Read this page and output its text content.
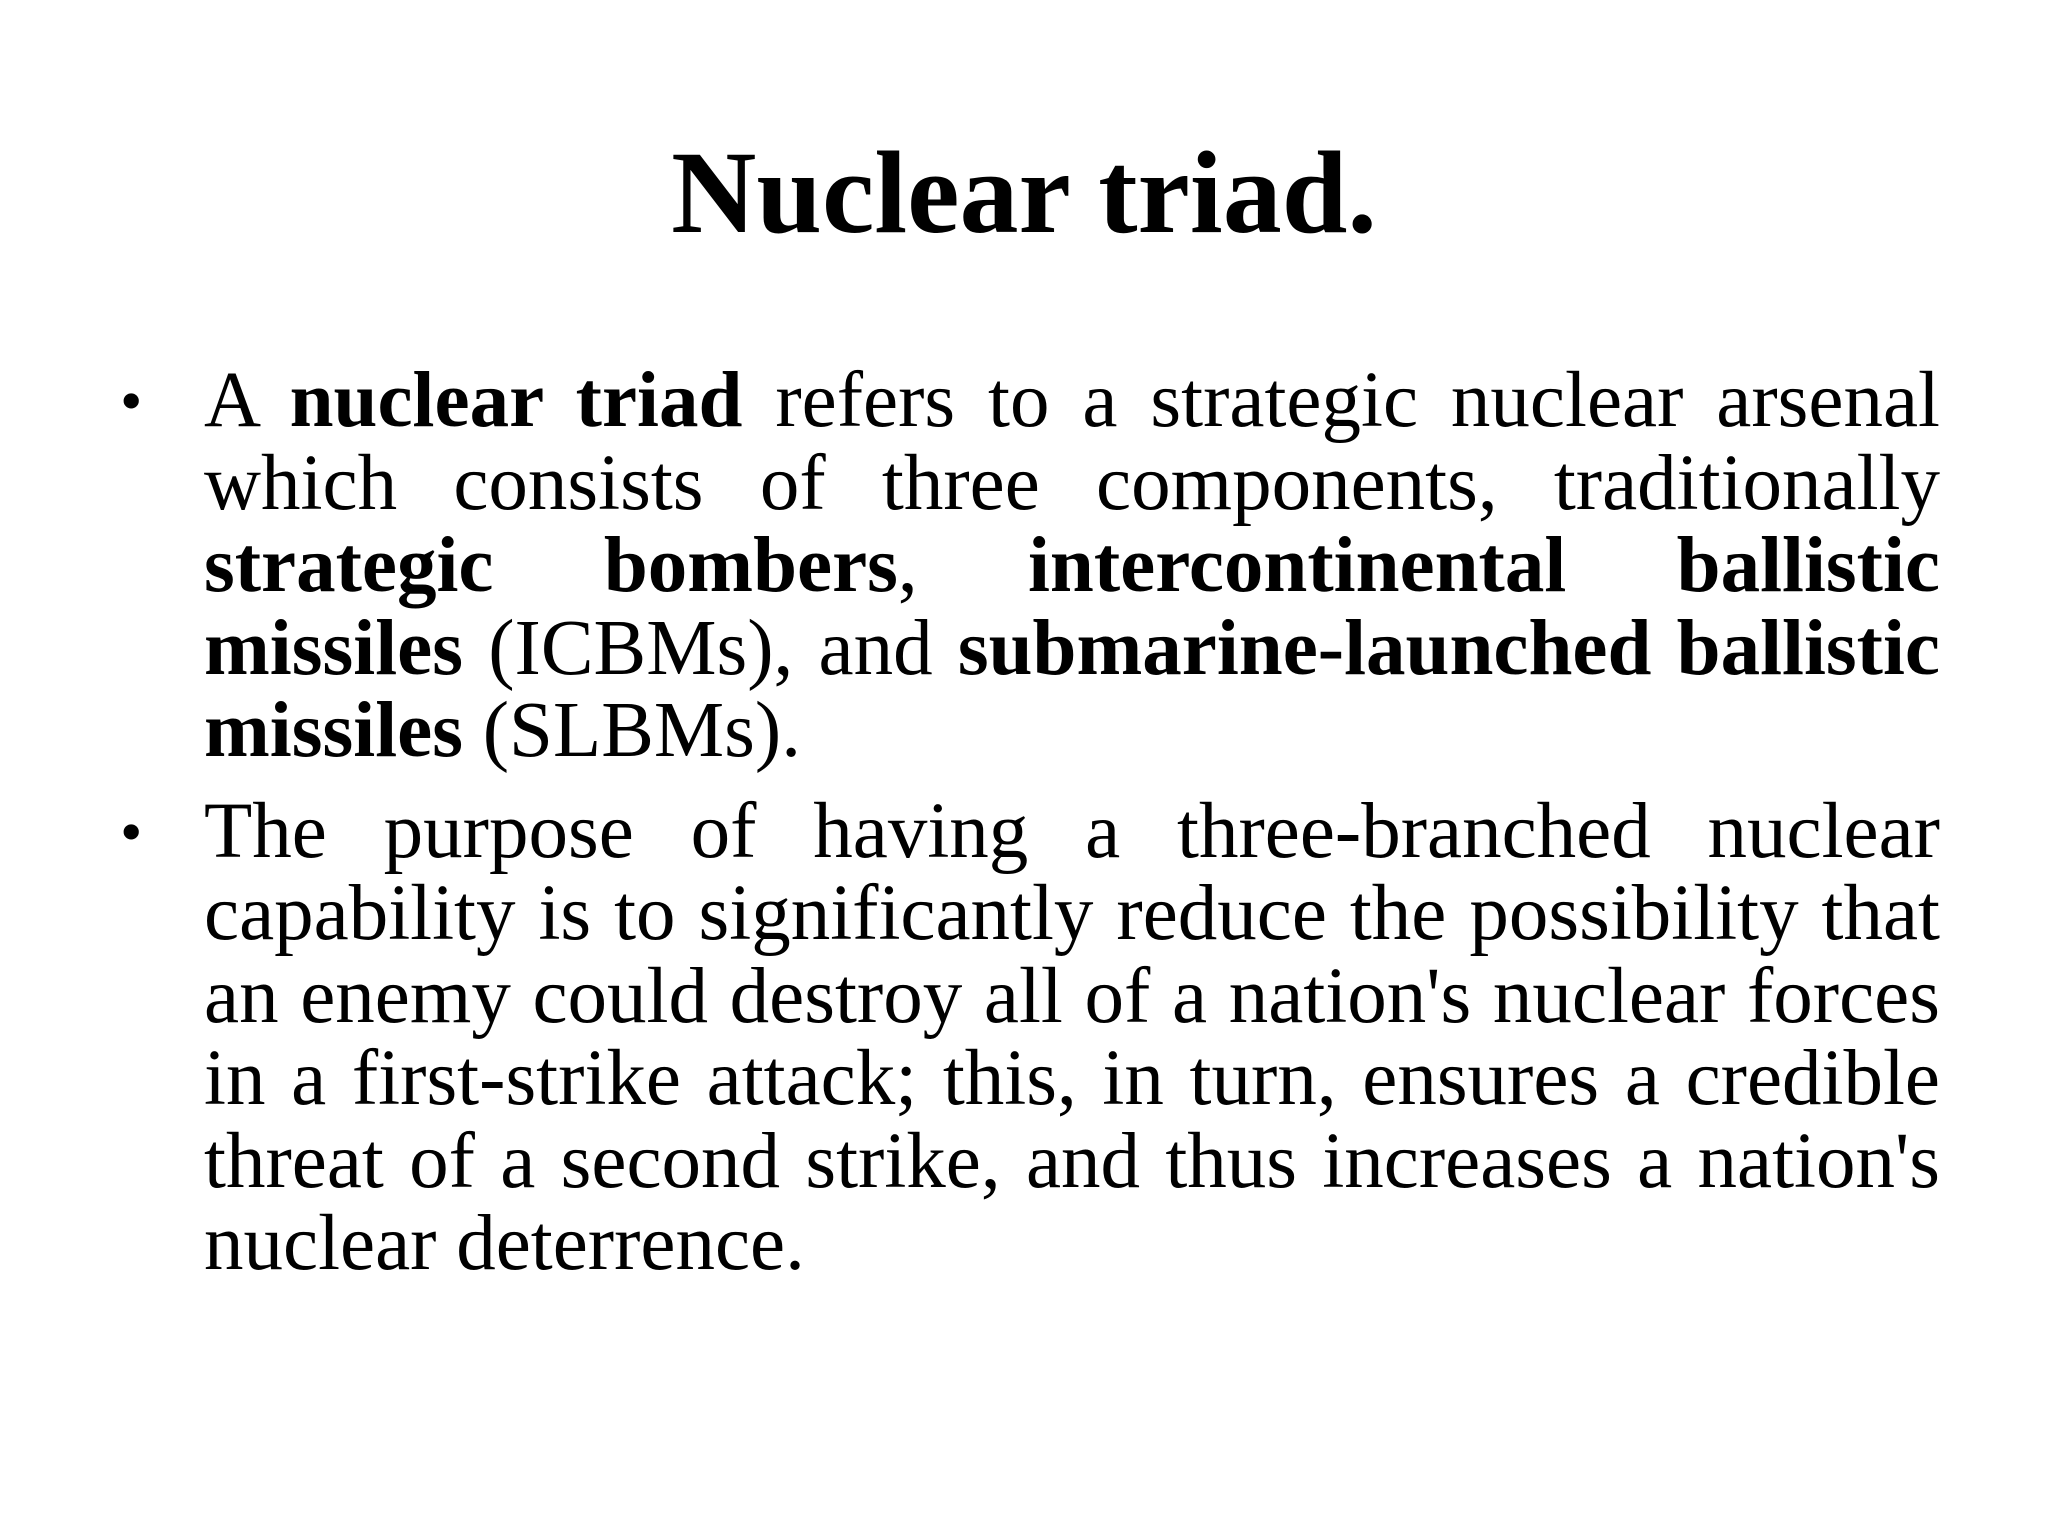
Nuclear triad.
• A nuclear triad refers to a strategic nuclear arsenal which consists of three components, traditionally strategic bombers, intercontinental ballistic missiles (ICBMs), and submarine-launched ballistic missiles (SLBMs).
• The purpose of having a three-branched nuclear capability is to significantly reduce the possibility that an enemy could destroy all of a nation's nuclear forces in a first-strike attack; this, in turn, ensures a credible threat of a second strike, and thus increases a nation's nuclear deterrence.
